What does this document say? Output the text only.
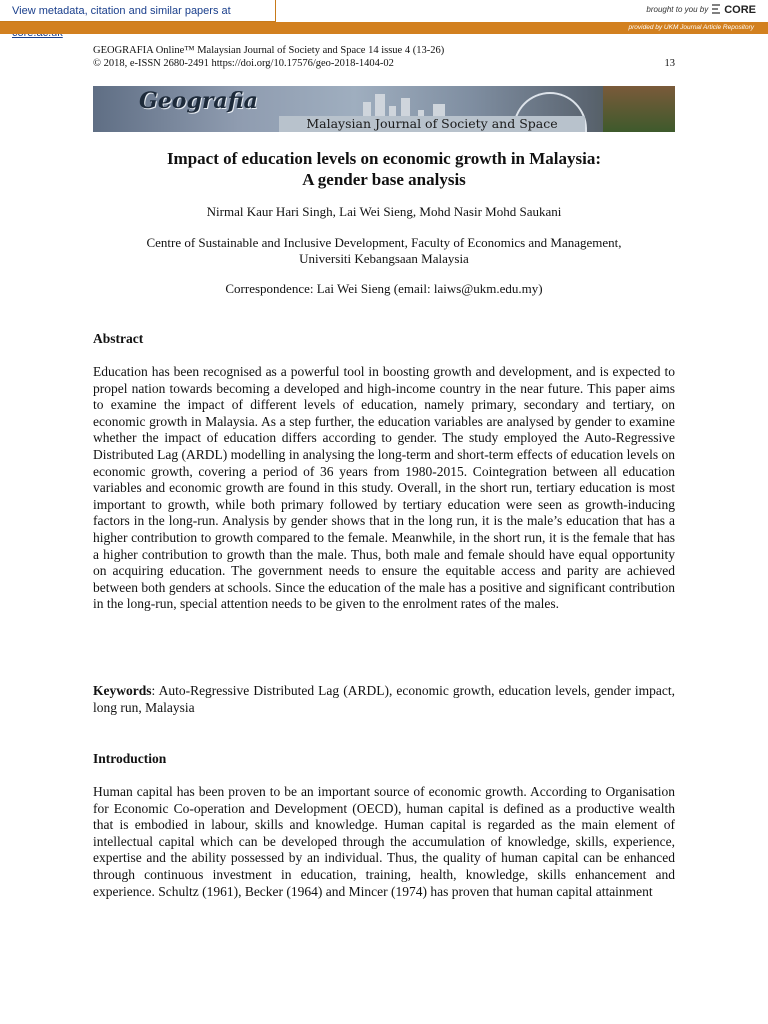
View metadata, citation and similar papers at	brought to you by CORE
provided by UKM Journal Article Repository
GEOGRAFIA Online™ Malaysian Journal of Society and Space 14 issue 4 (13-26)
© 2018, e-ISSN 2680-2491 https://doi.org/10.17576/geo-2018-1404-02	13
Geografia
Malaysian Journal of Society and Space
Impact of education levels on economic growth in Malaysia:
A gender base analysis
Nirmal Kaur Hari Singh, Lai Wei Sieng, Mohd Nasir Mohd Saukani
Centre of Sustainable and Inclusive Development, Faculty of Economics and Management,
Universiti Kebangsaan Malaysia
Correspondence: Lai Wei Sieng (email: laiws@ukm.edu.my)
Abstract
Education has been recognised as a powerful tool in boosting growth and development, and is expected to propel nation towards becoming a developed and high-income country in the near future. This paper aims to examine the impact of different levels of education, namely primary, secondary and tertiary, on economic growth in Malaysia. As a step further, the education variables are analysed by gender to examine whether the impact of education differs according to gender. The study employed the Auto-Regressive Distributed Lag (ARDL) modelling in analysing the long-term and short-term effects of education levels on economic growth, covering a period of 36 years from 1980-2015. Cointegration between all education variables and economic growth are found in this study. Overall, in the short run, tertiary education is most important to growth, while both primary followed by tertiary education were seen as growth-inducing factors in the long-run. Analysis by gender shows that in the long run, it is the male’s education that has a higher contribution to growth compared to the female. Meanwhile, in the short run, it is the female that has a higher contribution to growth than the male. Thus, both male and female should have equal opportunity on acquiring education. The government needs to ensure the equitable access and parity are achieved between both genders at schools. Since the education of the male has a positive and significant contribution in the long-run, special attention needs to be given to the enrolment rates of the males.
Keywords: Auto-Regressive Distributed Lag (ARDL), economic growth, education levels, gender impact, long run, Malaysia
Introduction
Human capital has been proven to be an important source of economic growth. According to Organisation for Economic Co-operation and Development (OECD), human capital is defined as a productive wealth that is embodied in labour, skills and knowledge. Human capital is regarded as the main element of intellectual capital which can be developed through the accumulation of knowledge, skills, experience, expertise and the ability possessed by an individual. Thus, the quality of human capital can be enhanced through continuous investment in education, training, health, knowledge, skills enhancement and experience. Schultz (1961), Becker (1964) and Mincer (1974) has proven that human capital attainment
